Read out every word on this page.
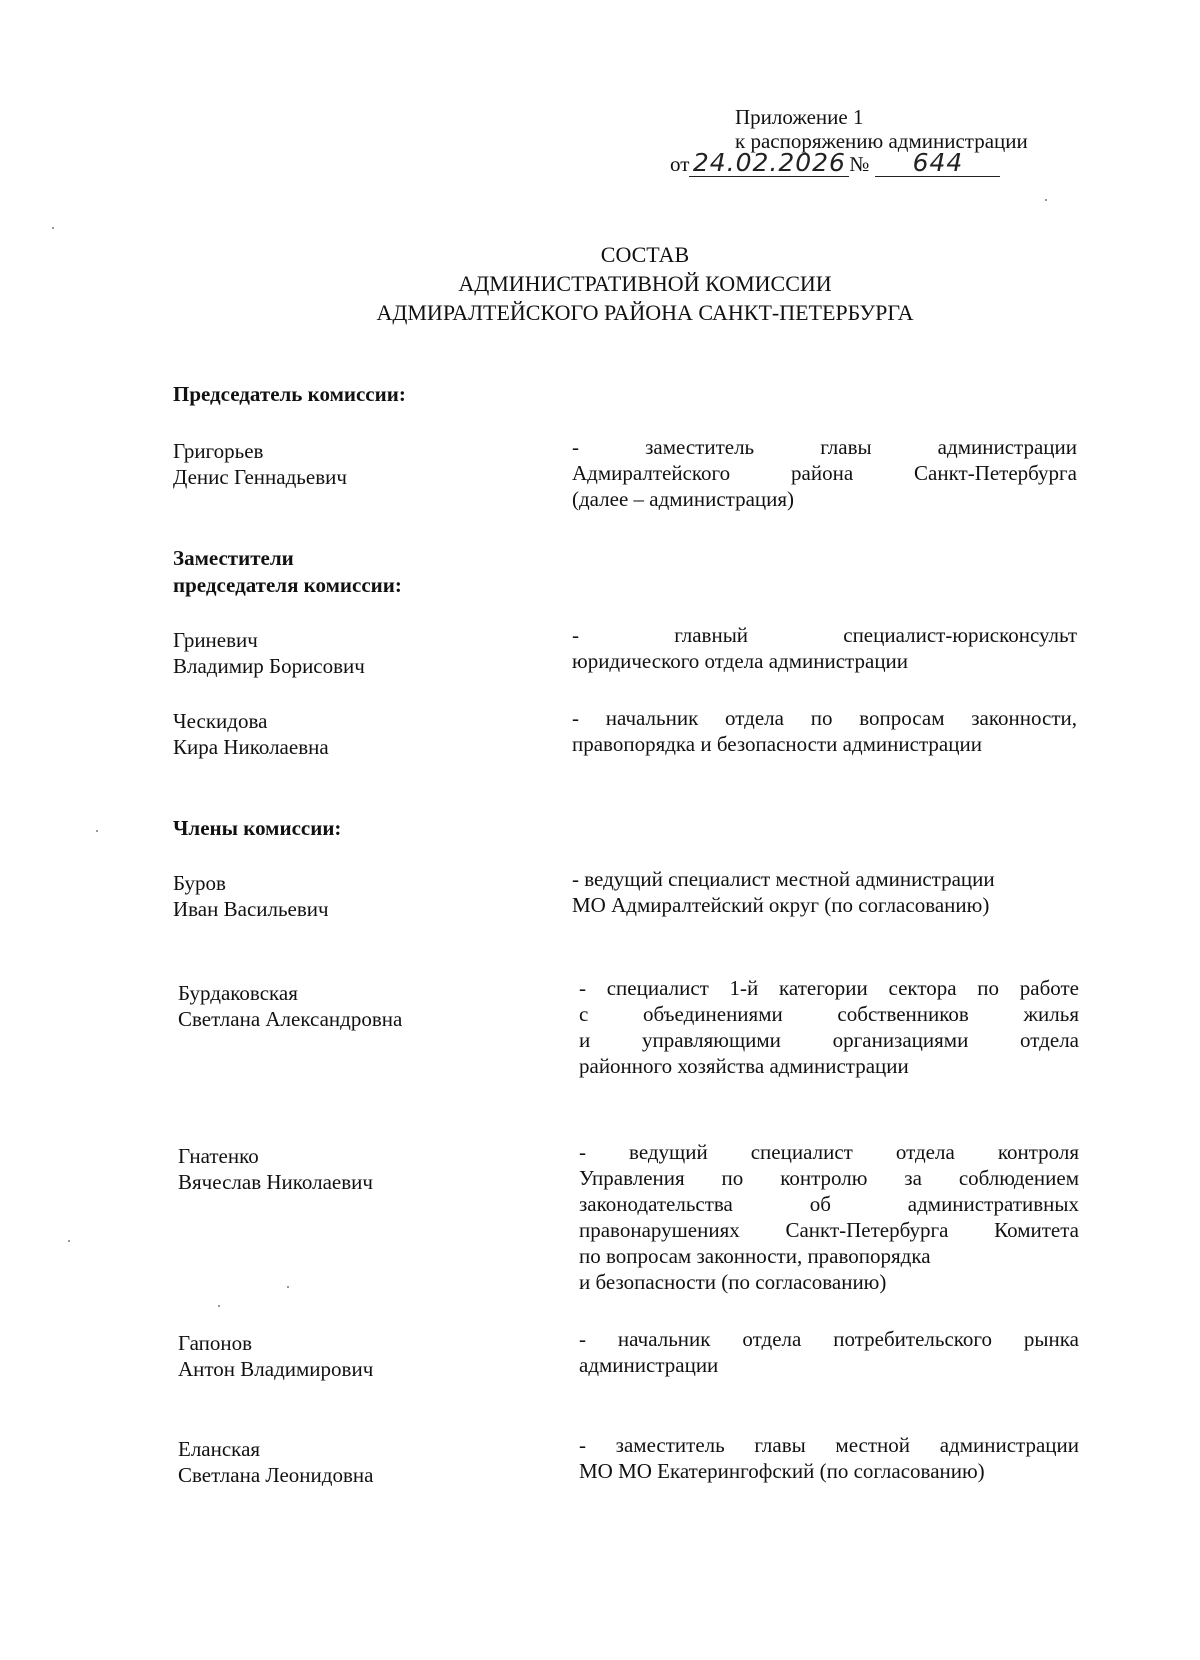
Приложение 1
к распоряжению администрации
от 24.02.2026 № 644
СОСТАВ
АДМИНИСТРАТИВНОЙ КОМИССИИ
АДМИРАЛТЕЙСКОГО РАЙОНА САНКТ-ПЕТЕРБУРГА
Председатель комиссии:
Григорьев
Денис Геннадьевич
- заместитель главы администрации
Адмиралтейского района Санкт-Петербурга
(далее – администрация)
Заместители
председателя комиссии:
Гриневич
Владимир Борисович
- главный специалист-юрисконсульт
юридического отдела администрации
Ческидова
Кира Николаевна
- начальник отдела по вопросам законности,
правопорядка и безопасности администрации
Члены комиссии:
Буров
Иван Васильевич
- ведущий специалист местной администрации
МО Адмиралтейский округ (по согласованию)
Бурдаковская
Светлана Александровна
- специалист 1-й категории сектора по работе
с объединениями собственников жилья
и управляющими организациями отдела
районного хозяйства администрации
Гнатенко
Вячеслав Николаевич
- ведущий специалист отдела контроля
Управления по контролю за соблюдением
законодательства об административных
правонарушениях Санкт-Петербурга Комитета
по вопросам законности, правопорядка
и безопасности (по согласованию)
Гапонов
Антон Владимирович
- начальник отдела потребительского рынка
администрации
Еланская
Светлана Леонидовна
- заместитель главы местной администрации
МО МО Екатерингофский (по согласованию)
